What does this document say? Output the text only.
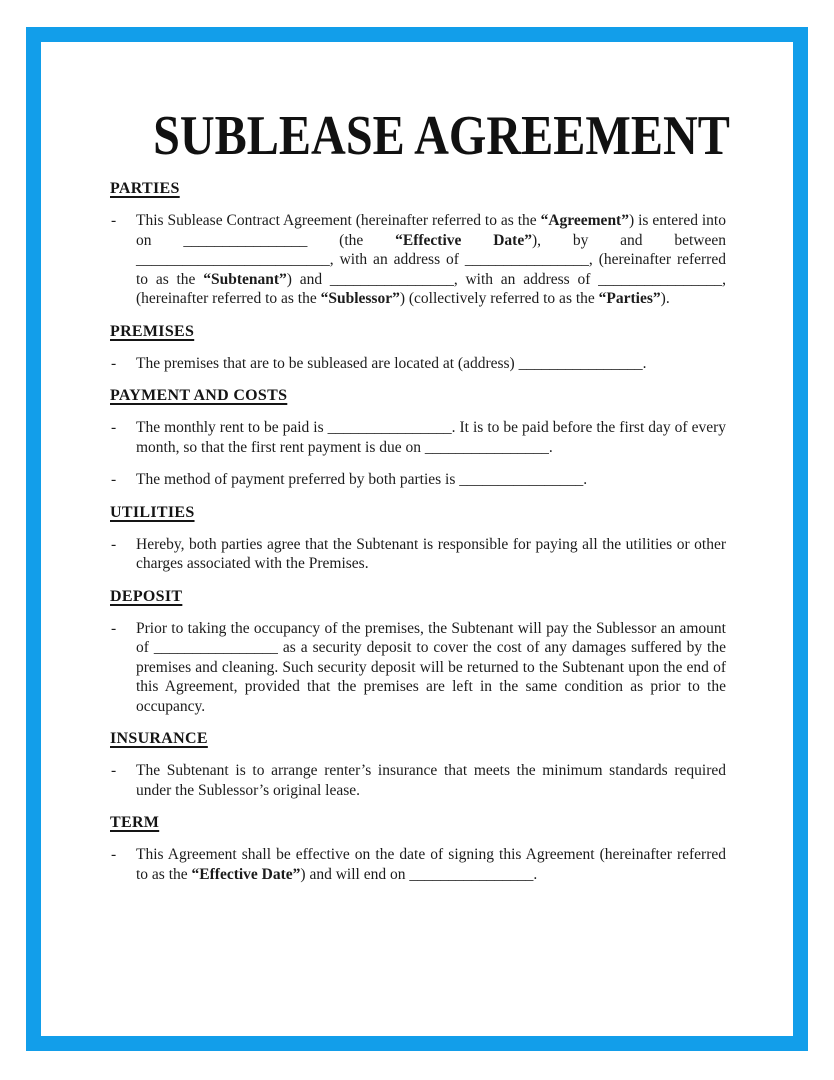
SUBLEASE AGREEMENT
PARTIES
- This Sublease Contract Agreement (hereinafter referred to as the “Agreement”) is entered into on ________________ (the “Effective Date”), by and between _________________________, with an address of ________________, (hereinafter referred to as the “Subtenant”) and ________________, with an address of ________________, (hereinafter referred to as the “Sublessor”) (collectively referred to as the “Parties”).
PREMISES
- The premises that are to be subleased are located at (address) ________________.
PAYMENT AND COSTS
- The monthly rent to be paid is ________________. It is to be paid before the first day of every month, so that the first rent payment is due on ________________.
- The method of payment preferred by both parties is ________________.
UTILITIES
- Hereby, both parties agree that the Subtenant is responsible for paying all the utilities or other charges associated with the Premises.
DEPOSIT
- Prior to taking the occupancy of the premises, the Subtenant will pay the Sublessor an amount of ________________ as a security deposit to cover the cost of any damages suffered by the premises and cleaning. Such security deposit will be returned to the Subtenant upon the end of this Agreement, provided that the premises are left in the same condition as prior to the occupancy.
INSURANCE
- The Subtenant is to arrange renter’s insurance that meets the minimum standards required under the Sublessor’s original lease.
TERM
- This Agreement shall be effective on the date of signing this Agreement (hereinafter referred to as the “Effective Date”) and will end on ________________.
